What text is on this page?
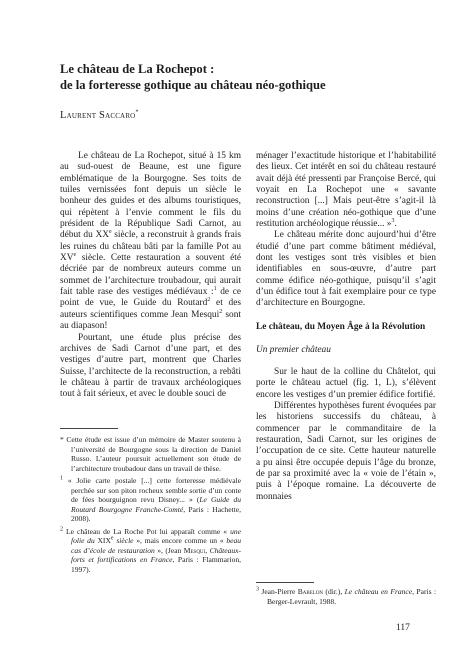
Le château de La Rochepot :
de la forteresse gothique au château néo-gothique
Laurent Saccaro*

Le château de La Rochepot, situé à 15 km au sud-ouest de Beaune, est une figure emblématique de la Bourgogne. Ses toits de tuiles vernissées font depuis un siècle le bonheur des guides et des albums touristiques, qui répètent à l’envie comment le fils du président de la République Sadi Carnot, au début du XXe siècle, a reconstruit à grands frais les ruines du château bâti par la famille Pot au XVe siècle. Cette restauration a souvent été décriée par de nombreux auteurs comme un sommet de l’architecture troubadour, qui aurait fait table rase des vestiges médiévaux :$^1$ de ce point de vue, le Guide du Routard$^2$ et des auteurs scientifiques comme Jean Mesqui$^2$ sont au diapason!

Pourtant, une étude plus précise des archives de Sadi Carnot d’une part, et des vestiges d’autre part, montrent que Charles Suisse, l’architecte de la reconstruction, a rebâti le château à partir de travaux archéologiques tout à fait sérieux, et avec le double souci de

ménager l’exactitude historique et l’habitabilité des lieux. Cet intérêt en soi du château restauré avait déjà été pressenti par Françoise Bercé, qui voyait en La Rochepot une « savante reconstruction [...] Mais peut-être s’agit-il là moins d’une création néo-gothique que d’une restitution archéologique réussie... »$^3$.

Le château mérite donc aujourd’hui d’être étudié d’une part comme bâtiment médiéval, dont les vestiges sont très visibles et bien identifiables en sous-œuvre, d’autre part comme édifice néo-gothique, puisqu’il s’agit d’un édifice tout à fait exemplaire pour ce type d’architecture en Bourgogne.

Le château, du Moyen Âge à la Révolution

Un premier château

Sur le haut de la colline du Châtelot, qui porte le château actuel (fig. 1, L), s’élèvent encore les vestiges d’un premier édifice fortifié.

Différentes hypothèses furent évoquées par les historiens successifs du château, à commencer par le commanditaire de la restauration, Sadi Carnot, sur les origines de l’occupation de ce site. Cette hauteur naturelle a pu ainsi être occupée depuis l’âge du bronze, de par sa proximité avec la « voie de l’étain », puis à l’époque romaine. La découverte de monnaies

* Cette étude est issue d’un mémoire de Master soutenu à l’université de Bourgogne sous la direction de Daniel Russo. L’auteur poursuit actuellement son étude de l’architecture troubadour dans un travail de thèse.

$^1$ « Jolie carte postale [...] cette forteresse médiévale perchée sur son piton rocheux semble sortie d’un conte de fées bourguignon revu Disney... » (Le Guide du Routard Bourgogne Franche-Comté, Paris : Hachette, 2008).

$^2$ Le château de La Roche Pot lui apparaît comme « une folie du XIXe siècle », mais encore comme un « beau cas d’école de restauration », (Jean Mesqui, Châteaux-forts et fortifications en France, Paris : Flammarion, 1997).

$^3$ Jean-Pierre Babelon (dir.), Le château en France, Paris : Berger-Levrault, 1988.

117
